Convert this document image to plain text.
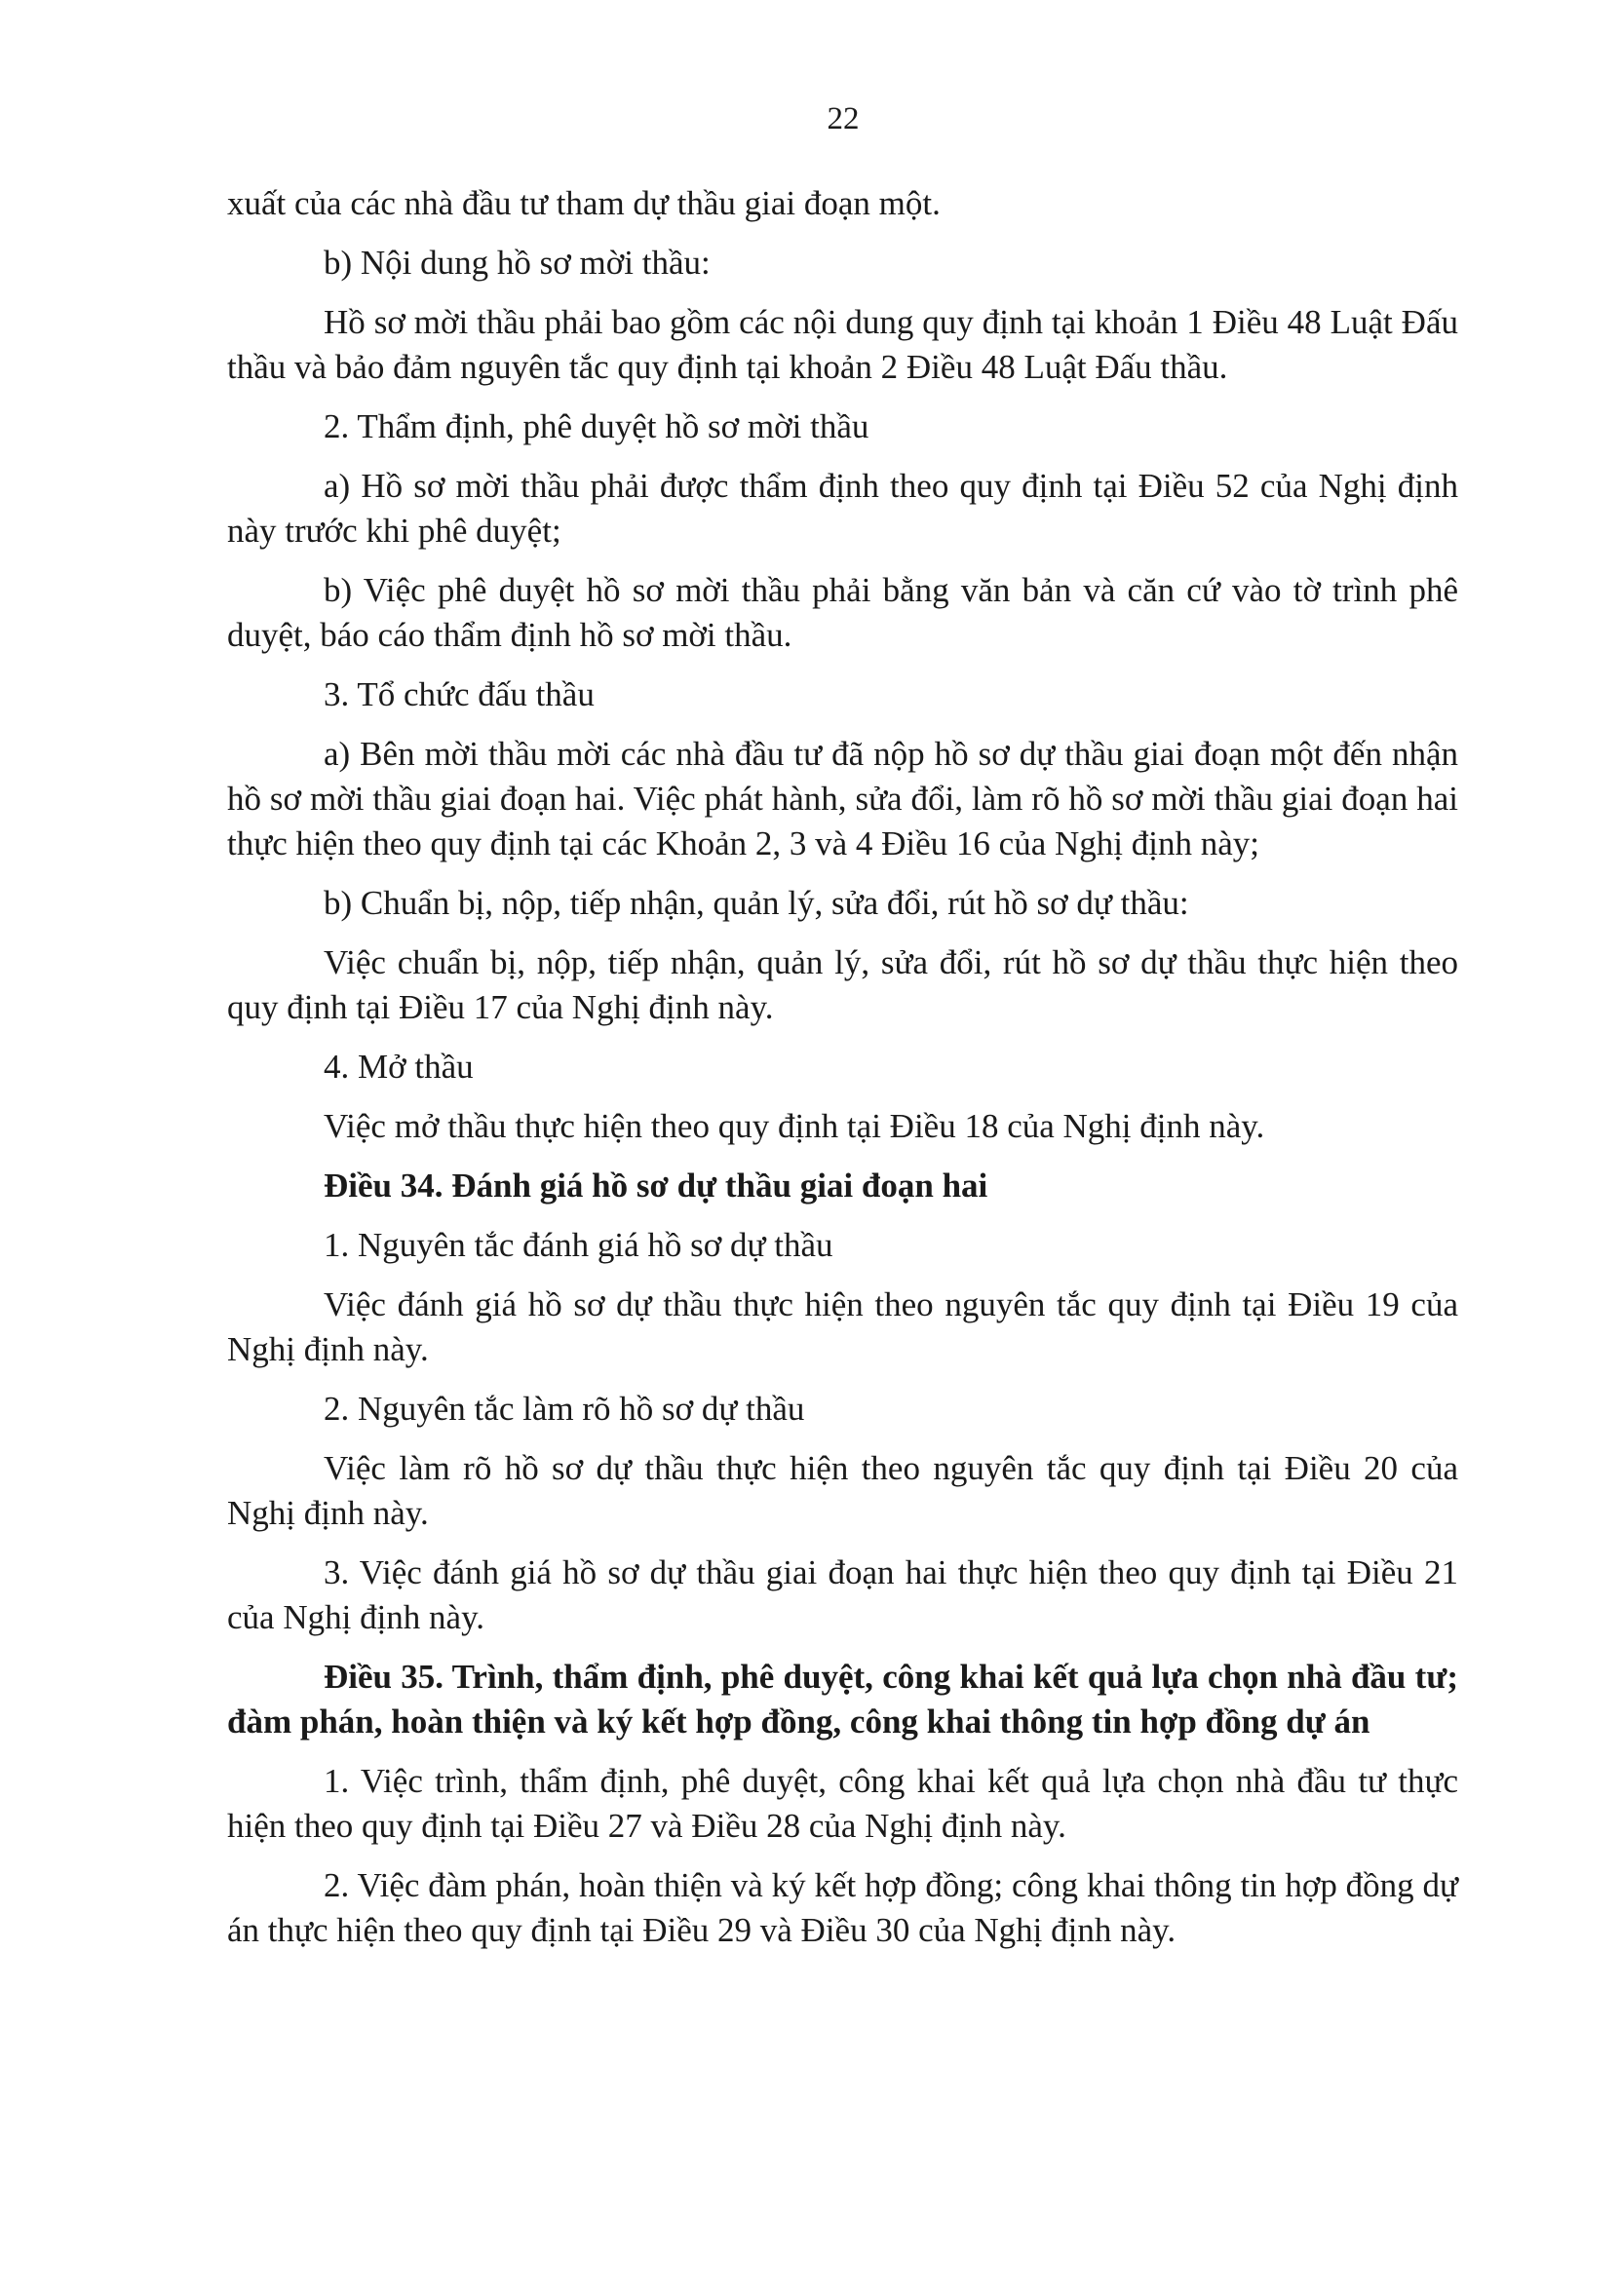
22

xuất của các nhà đầu tư tham dự thầu giai đoạn một.

b) Nội dung hồ sơ mời thầu:

Hồ sơ mời thầu phải bao gồm các nội dung quy định tại khoản 1 Điều 48 Luật Đấu thầu và bảo đảm nguyên tắc quy định tại khoản 2 Điều 48 Luật Đấu thầu.

2. Thẩm định, phê duyệt hồ sơ mời thầu

a) Hồ sơ mời thầu phải được thẩm định theo quy định tại Điều 52 của Nghị định này trước khi phê duyệt;

b) Việc phê duyệt hồ sơ mời thầu phải bằng văn bản và căn cứ vào tờ trình phê duyệt, báo cáo thẩm định hồ sơ mời thầu.

3. Tổ chức đấu thầu

a) Bên mời thầu mời các nhà đầu tư đã nộp hồ sơ dự thầu giai đoạn một đến nhận hồ sơ mời thầu giai đoạn hai. Việc phát hành, sửa đổi, làm rõ hồ sơ mời thầu giai đoạn hai thực hiện theo quy định tại các Khoản 2, 3 và 4 Điều 16 của Nghị định này;

b) Chuẩn bị, nộp, tiếp nhận, quản lý, sửa đổi, rút hồ sơ dự thầu:

Việc chuẩn bị, nộp, tiếp nhận, quản lý, sửa đổi, rút hồ sơ dự thầu thực hiện theo quy định tại Điều 17 của Nghị định này.

4. Mở thầu

Việc mở thầu thực hiện theo quy định tại Điều 18 của Nghị định này.

Điều 34. Đánh giá hồ sơ dự thầu giai đoạn hai

1. Nguyên tắc đánh giá hồ sơ dự thầu

Việc đánh giá hồ sơ dự thầu thực hiện theo nguyên tắc quy định tại Điều 19 của Nghị định này.

2. Nguyên tắc làm rõ hồ sơ dự thầu

Việc làm rõ hồ sơ dự thầu thực hiện theo nguyên tắc quy định tại Điều 20 của Nghị định này.

3. Việc đánh giá hồ sơ dự thầu giai đoạn hai thực hiện theo quy định tại Điều 21 của Nghị định này.

Điều 35. Trình, thẩm định, phê duyệt, công khai kết quả lựa chọn nhà đầu tư; đàm phán, hoàn thiện và ký kết hợp đồng, công khai thông tin hợp đồng dự án

1. Việc trình, thẩm định, phê duyệt, công khai kết quả lựa chọn nhà đầu tư thực hiện theo quy định tại Điều 27 và Điều 28 của Nghị định này.

2. Việc đàm phán, hoàn thiện và ký kết hợp đồng; công khai thông tin hợp đồng dự án thực hiện theo quy định tại Điều 29 và Điều 30 của Nghị định này.
